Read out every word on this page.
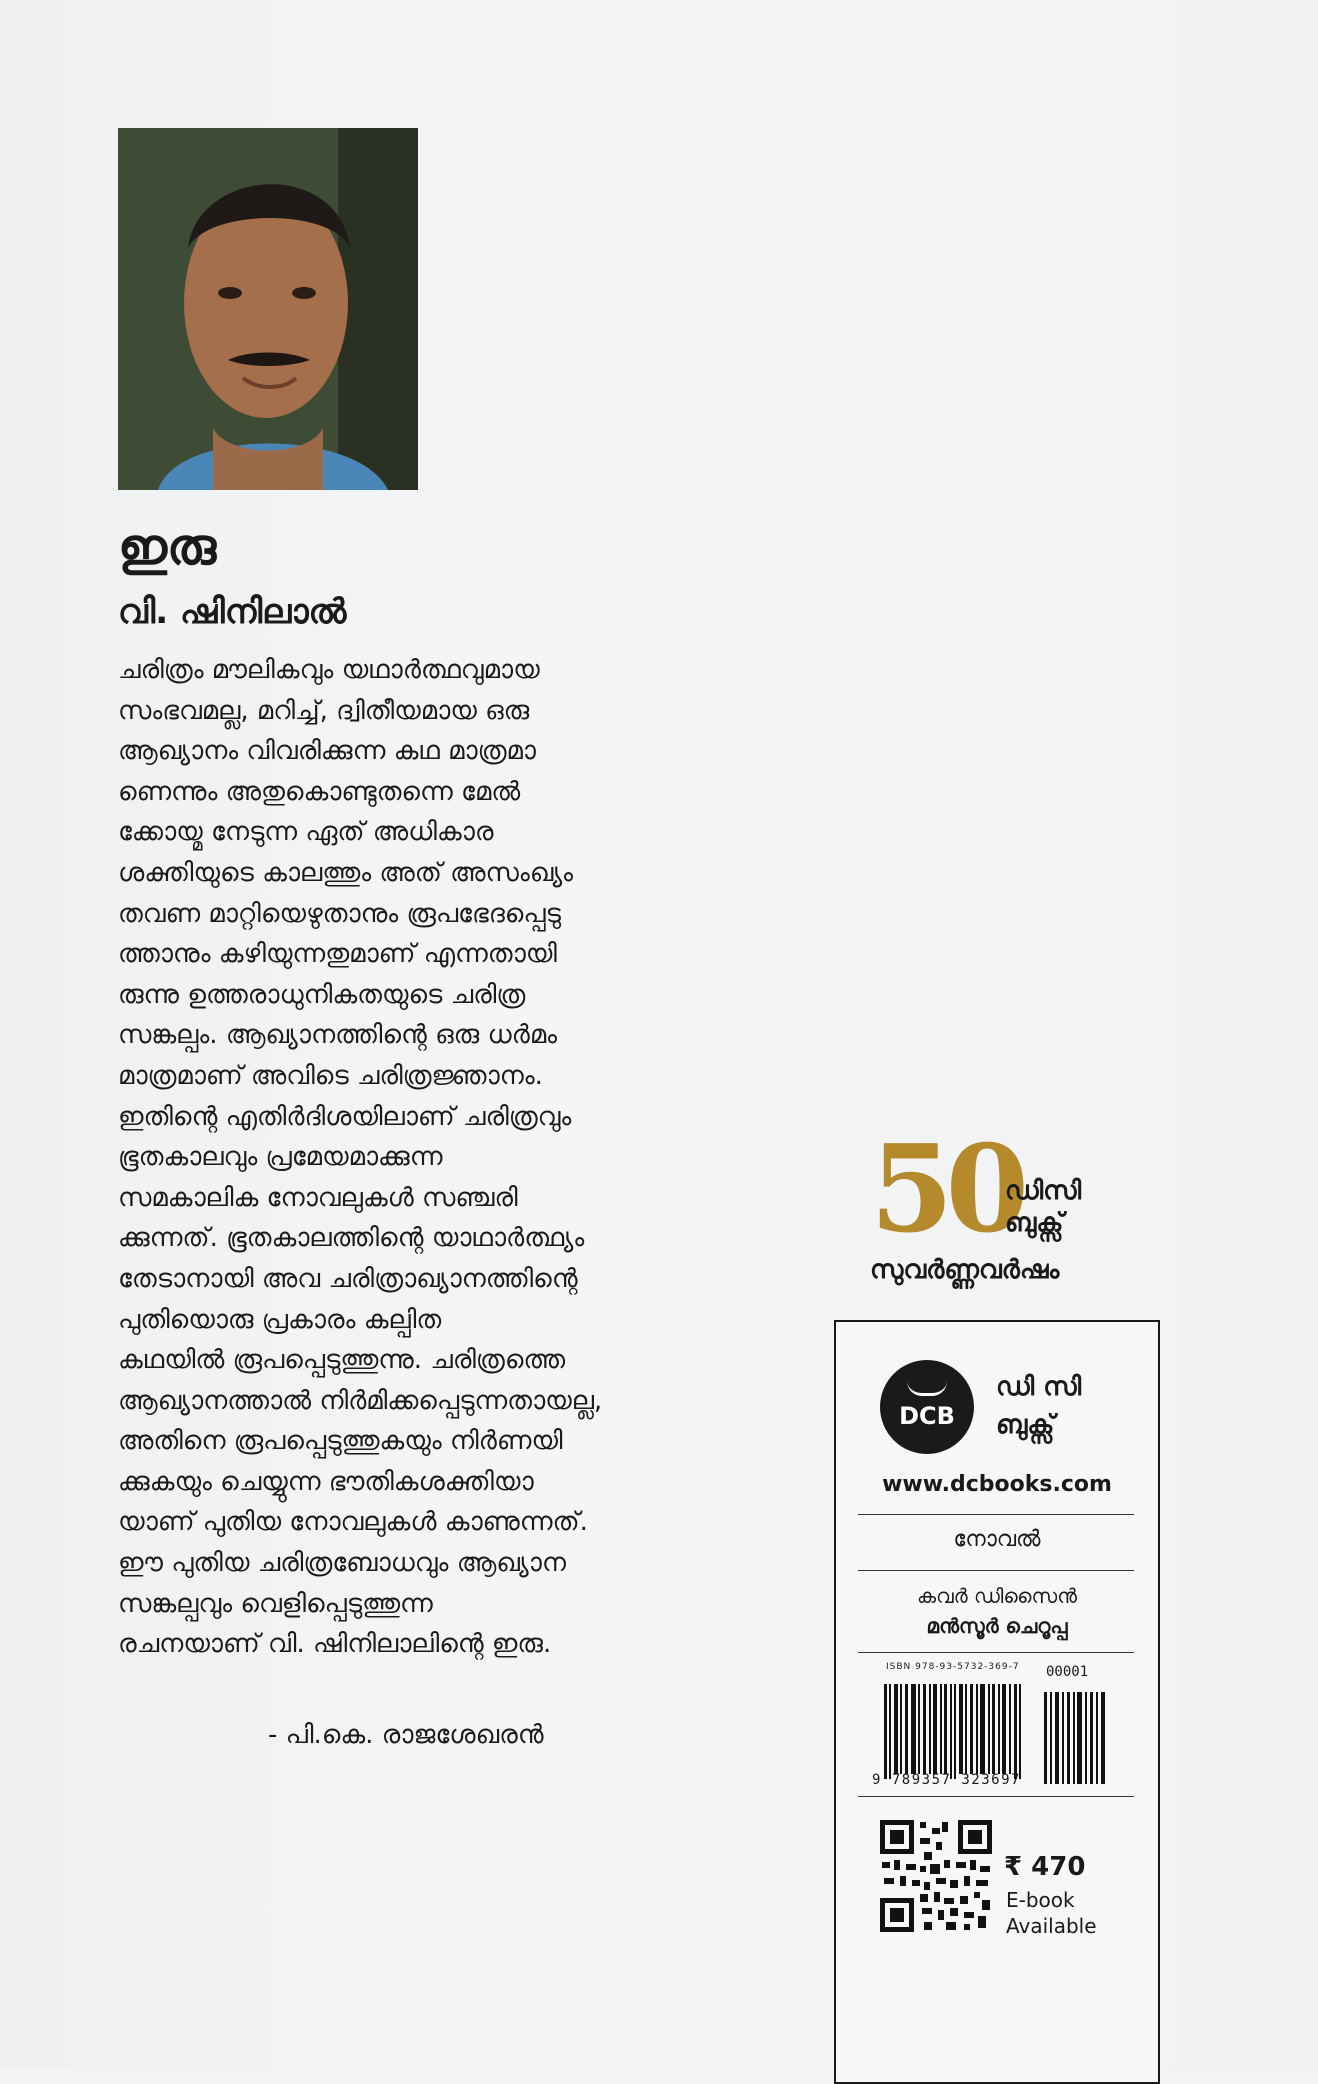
ഇരു
വി. ഷിനിലാൽ

ചരിത്രം മൗലികവും യഥാർത്ഥവുമായ
സംഭവമല്ല, മറിച്ച്, ദ്വിതീയമായ ഒരു
ആഖ്യാനം വിവരിക്കുന്ന കഥ മാത്രമാ
ണെന്നും അതുകൊണ്ടുതന്നെ മേൽ
ക്കോയ്മ നേടുന്ന ഏത് അധികാര
ശക്തിയുടെ കാലത്തും അത് അസംഖ്യം
തവണ മാറ്റിയെഴുതാനും രൂപഭേദപ്പെടു
ത്താനും കഴിയുന്നതുമാണ് എന്നതായി
രുന്നു ഉത്തരാധുനികതയുടെ ചരിത്ര
സങ്കല്പം. ആഖ്യാനത്തിന്റെ ഒരു ധർമം
മാത്രമാണ് അവിടെ ചരിത്രജ്ഞാനം.
ഇതിന്റെ എതിർദിശയിലാണ് ചരിത്രവും
ഭൂതകാലവും പ്രമേയമാക്കുന്ന
സമകാലിക നോവലുകൾ സഞ്ചരി
ക്കുന്നത്. ഭൂതകാലത്തിന്റെ യാഥാർത്ഥ്യം
തേടാനായി അവ ചരിത്രാഖ്യാനത്തിന്റെ
പുതിയൊരു പ്രകാരം കല്പിത
കഥയിൽ രൂപപ്പെടുത്തുന്നു. ചരിത്രത്തെ
ആഖ്യാനത്താൽ നിർമിക്കപ്പെടുന്നതായല്ല,
അതിനെ രൂപപ്പെടുത്തുകയും നിർണയി
ക്കുകയും ചെയ്യുന്ന ഭൗതികശക്തിയാ
യാണ് പുതിയ നോവലുകൾ കാണുന്നത്.
ഈ പുതിയ ചരിത്രബോധവും ആഖ്യാന
സങ്കല്പവും വെളിപ്പെടുത്തുന്ന
രചനയാണ് വി. ഷിനിലാലിന്റെ ഇരു.

- പി.കെ. രാജശേഖരൻ

50
ഡിസി
ബുക്സ്
സുവർണ്ണവർഷം
DCB
ഡി സി
ബുക്സ്
www.dcbooks.com
നോവൽ
കവർ ഡിസൈൻ
മൻസൂർ ചെറൂപ്പ
ISBN 978-93-5732-369-7 00001
9 789357 323697
₹ 470
E-book
Available
